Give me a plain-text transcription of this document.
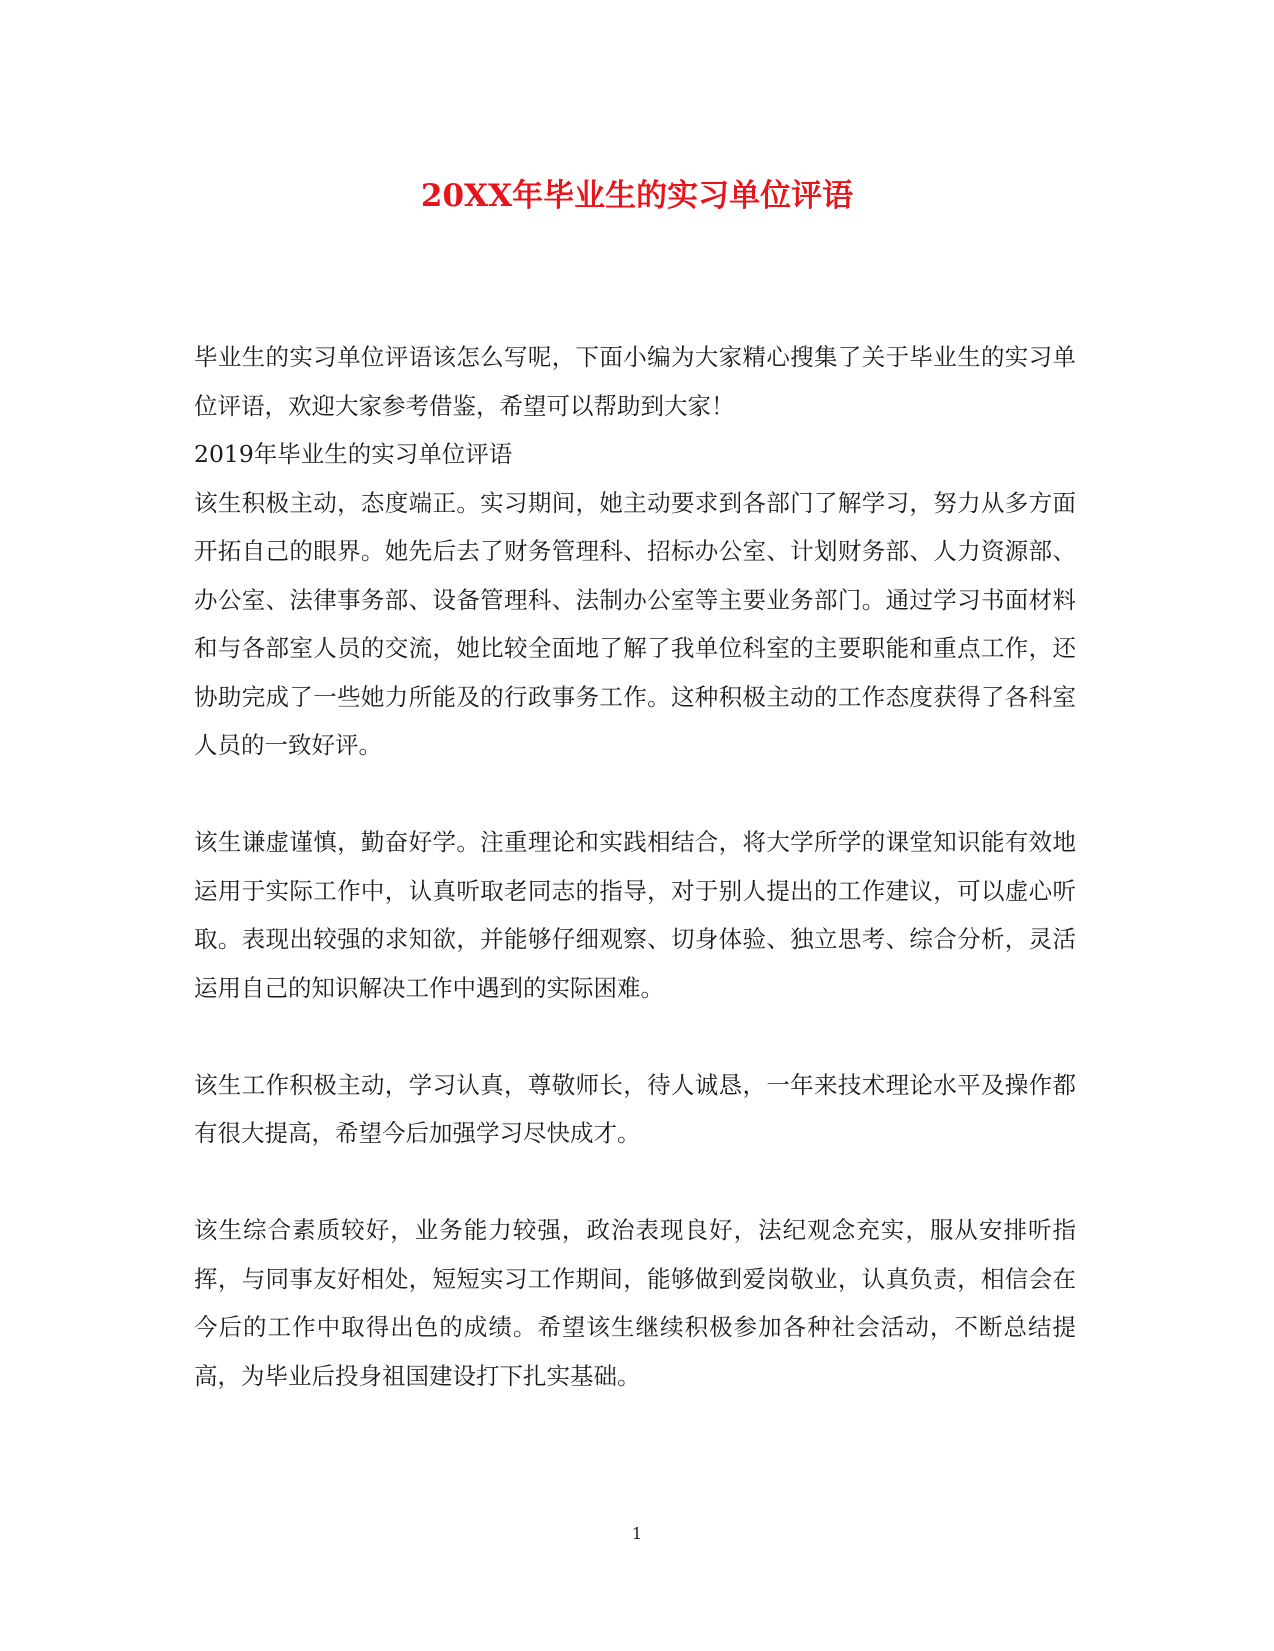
20XX年毕业生的实习单位评语

毕业生的实习单位评语该怎么写呢，下面小编为大家精心搜集了关于毕业生的实习单位评语，欢迎大家参考借鉴，希望可以帮助到大家！

2019年毕业生的实习单位评语

该生积极主动，态度端正。实习期间，她主动要求到各部门了解学习，努力从多方面开拓自己的眼界。她先后去了财务管理科、招标办公室、计划财务部、人力资源部、办公室、法律事务部、设备管理科、法制办公室等主要业务部门。通过学习书面材料和与各部室人员的交流，她比较全面地了解了我单位科室的主要职能和重点工作，还协助完成了一些她力所能及的行政事务工作。这种积极主动的工作态度获得了各科室人员的一致好评。

该生谦虚谨慎，勤奋好学。注重理论和实践相结合，将大学所学的课堂知识能有效地运用于实际工作中，认真听取老同志的指导，对于别人提出的工作建议，可以虚心听取。表现出较强的求知欲，并能够仔细观察、切身体验、独立思考、综合分析，灵活运用自己的知识解决工作中遇到的实际困难。

该生工作积极主动，学习认真，尊敬师长，待人诚恳，一年来技术理论水平及操作都有很大提高，希望今后加强学习尽快成才。

该生综合素质较好，业务能力较强，政治表现良好，法纪观念充实，服从安排听指挥，与同事友好相处，短短实习工作期间，能够做到爱岗敬业，认真负责，相信会在今后的工作中取得出色的成绩。希望该生继续积极参加各种社会活动，不断总结提高，为毕业后投身祖国建设打下扎实基础。

1
